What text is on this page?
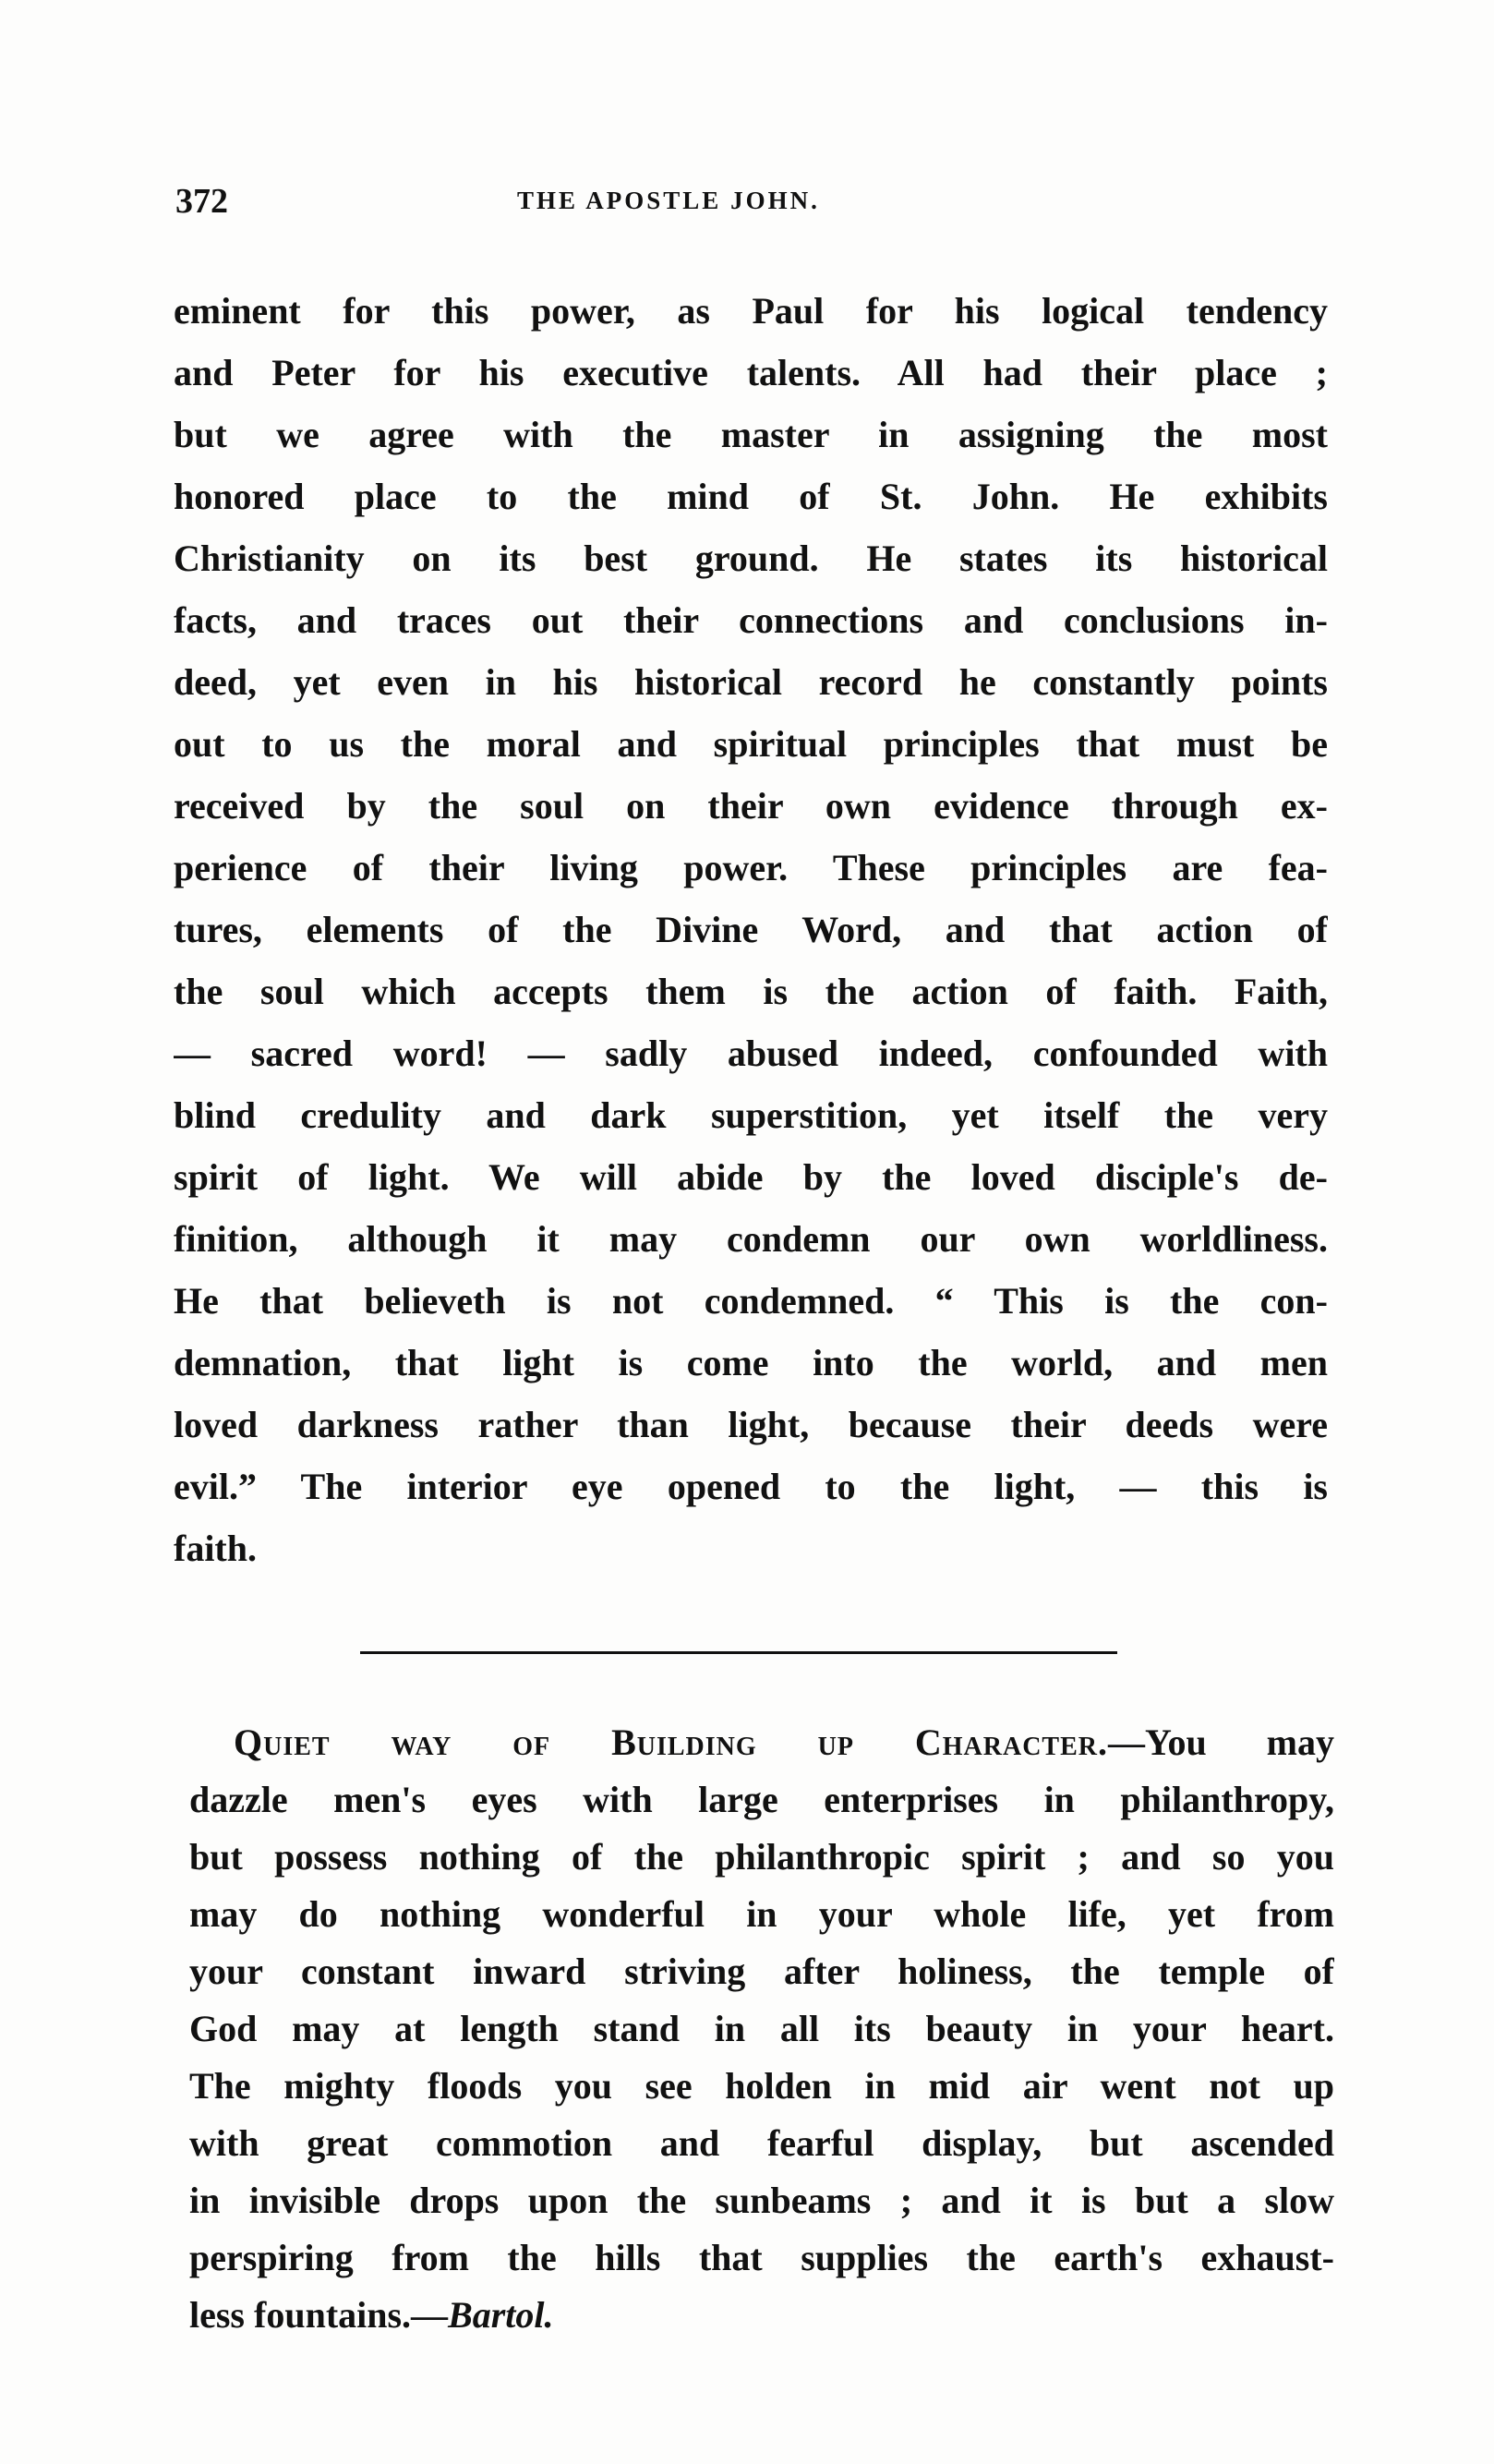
372	THE APOSTLE JOHN.
eminent for this power, as Paul for his logical tendency
and Peter for his executive talents. All had their place ;
but we agree with the master in assigning the most
honored place to the mind of St. John. He exhibits
Christianity on its best ground. He states its historical
facts, and traces out their connections and conclusions in-
deed, yet even in his historical record he constantly points
out to us the moral and spiritual principles that must be
received by the soul on their own evidence through ex-
perience of their living power. These principles are fea-
tures, elements of the Divine Word, and that action of
the soul which accepts them is the action of faith. Faith,
— sacred word! — sadly abused indeed, confounded with
blind credulity and dark superstition, yet itself the very
spirit of light. We will abide by the loved disciple's de-
finition, although it may condemn our own worldliness.
He that believeth is not condemned. “ This is the con-
demnation, that light is come into the world, and men
loved darkness rather than light, because their deeds were
evil.” The interior eye opened to the light, — this is
faith.
Quiet way of Building up Character.—You may
dazzle men's eyes with large enterprises in philanthropy,
but possess nothing of the philanthropic spirit ; and so you
may do nothing wonderful in your whole life, yet from
your constant inward striving after holiness, the temple of
God may at length stand in all its beauty in your heart.
The mighty floods you see holden in mid air went not up
with great commotion and fearful display, but ascended
in invisible drops upon the sunbeams ; and it is but a slow
perspiring from the hills that supplies the earth's exhaust-
less fountains.—Bartol.
